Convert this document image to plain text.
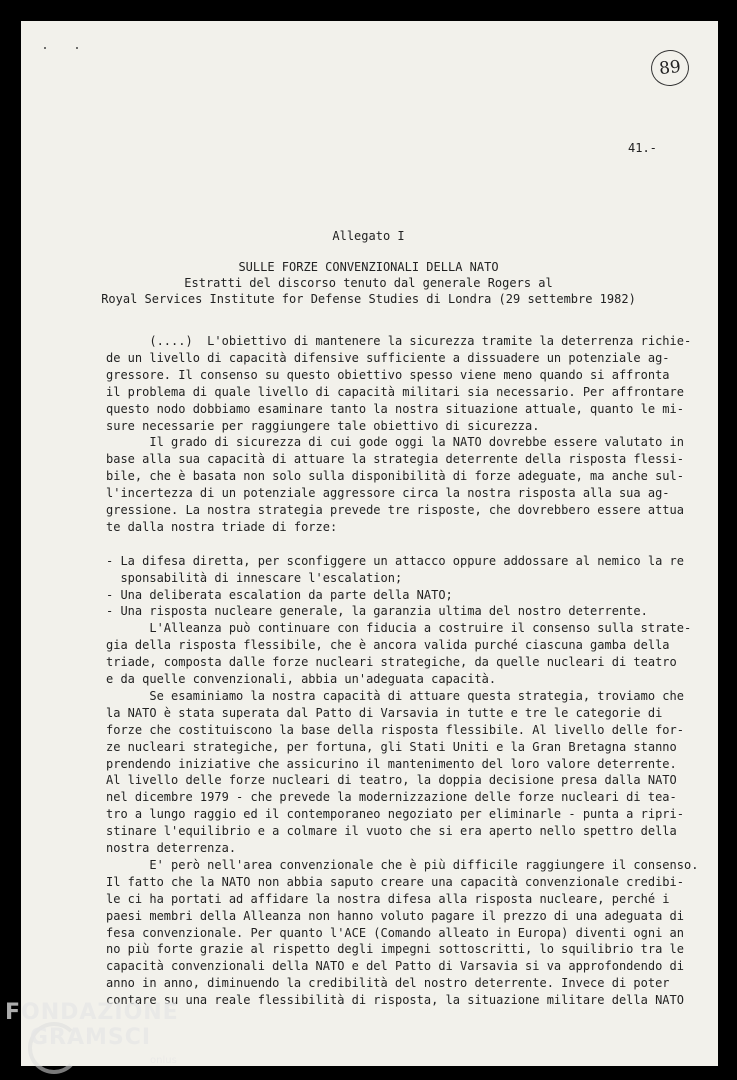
89
41.-
Allegato I
SULLE FORZE CONVENZIONALI DELLA NATO
Estratti del discorso tenuto dal generale Rogers al
Royal Services Institute for Defense Studies di Londra (29 settembre 1982)
(....)  L'obiettivo di mantenere la sicurezza tramite la deterrenza richie-
de un livello di capacità difensive sufficiente a dissuadere un potenziale ag-
gressore. Il consenso su questo obiettivo spesso viene meno quando si affronta
il problema di quale livello di capacità militari sia necessario. Per affrontare
questo nodo dobbiamo esaminare tanto la nostra situazione attuale, quanto le mi-
sure necessarie per raggiungere tale obiettivo di sicurezza.
Il grado di sicurezza di cui gode oggi la NATO dovrebbe essere valutato in
base alla sua capacità di attuare la strategia deterrente della risposta flessi-
bile, che è basata non solo sulla disponibilità di forze adeguate, ma anche sul-
l'incertezza di un potenziale aggressore circa la nostra risposta alla sua ag-
gressione. La nostra strategia prevede tre risposte, che dovrebbero essere attua
te dalla nostra triade di forze:
- La difesa diretta, per sconfiggere un attacco oppure addossare al nemico la re
sponsabilità di innescare l'escalation;
- Una deliberata escalation da parte della NATO;
- Una risposta nucleare generale, la garanzia ultima del nostro deterrente.
L'Alleanza può continuare con fiducia a costruire il consenso sulla strate-
gia della risposta flessibile, che è ancora valida purché ciascuna gamba della
triade, composta dalle forze nucleari strategiche, da quelle nucleari di teatro
e da quelle convenzionali, abbia un'adeguata capacità.
Se esaminiamo la nostra capacità di attuare questa strategia, troviamo che
la NATO è stata superata dal Patto di Varsavia in tutte e tre le categorie di
forze che costituiscono la base della risposta flessibile. Al livello delle for-
ze nucleari strategiche, per fortuna, gli Stati Uniti e la Gran Bretagna stanno
prendendo iniziative che assicurino il mantenimento del loro valore deterrente.
Al livello delle forze nucleari di teatro, la doppia decisione presa dalla NATO
nel dicembre 1979 - che prevede la modernizzazione delle forze nucleari di tea-
tro a lungo raggio ed il contemporaneo negoziato per eliminarle - punta a ripri-
stinare l'equilibrio e a colmare il vuoto che si era aperto nello spettro della
nostra deterrenza.
E' però nell'area convenzionale che è più difficile raggiungere il consenso.
Il fatto che la NATO non abbia saputo creare una capacità convenzionale credibi-
le ci ha portati ad affidare la nostra difesa alla risposta nucleare, perché i
paesi membri della Alleanza non hanno voluto pagare il prezzo di una adeguata di
fesa convenzionale. Per quanto l'ACE (Comando alleato in Europa) diventi ogni an
no più forte grazie al rispetto degli impegni sottoscritti, lo squilibrio tra le
capacità convenzionali della NATO e del Patto di Varsavia si va approfondendo di
anno in anno, diminuendo la credibilità del nostro deterrente. Invece di poter
contare su una reale flessibilità di risposta, la situazione militare della NATO
FONDAZIONE
GRAMSCI
onlus
